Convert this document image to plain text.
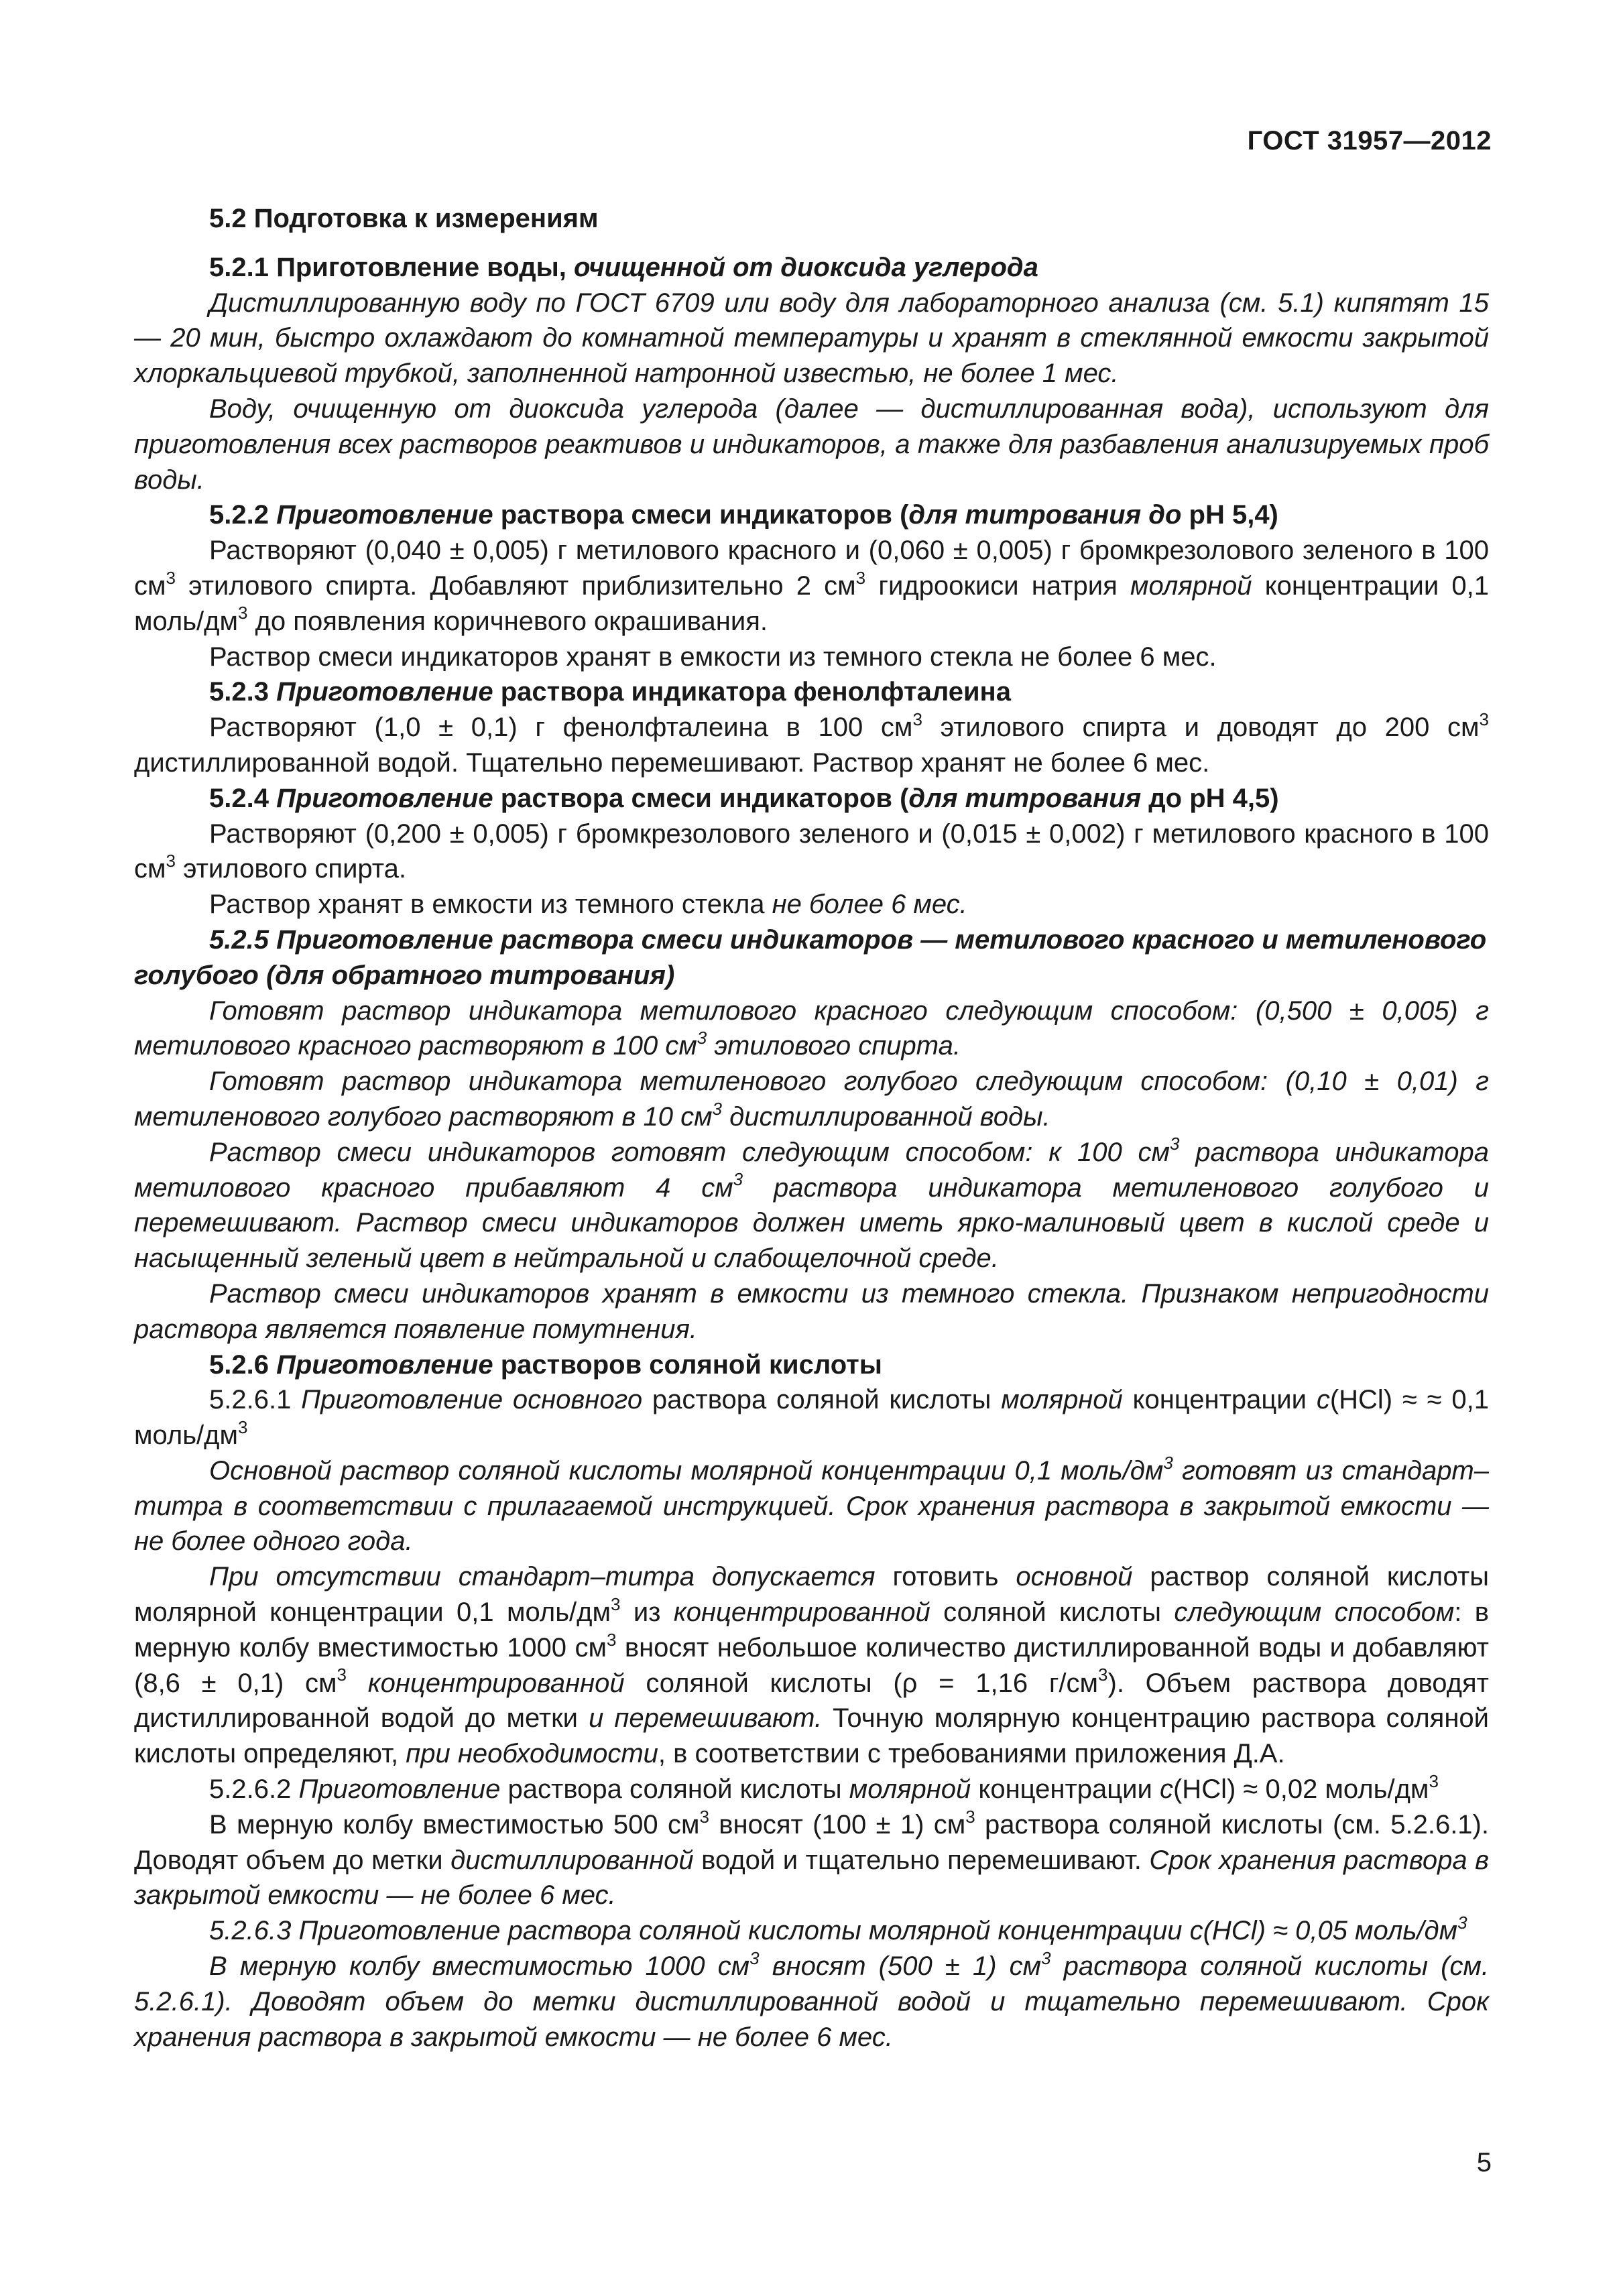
ГОСТ 31957—2012

5.2 Подготовка к измерениям

5.2.1 Приготовление воды, очищенной от диоксида углерода

Дистиллированную воду по ГОСТ 6709 или воду для лабораторного анализа (см. 5.1) кипятят 15 — 20 мин, быстро охлаждают до комнатной температуры и хранят в стеклянной емкости закрытой хлоркальциевой трубкой, заполненной натронной известью, не более 1 мес.

Воду, очищенную от диоксида углерода (далее — дистиллированная вода), используют для приготовления всех растворов реактивов и индикаторов, а также для разбавления анализируемых проб воды.

5.2.2 Приготовление раствора смеси индикаторов (для титрования до pH 5,4)

Растворяют (0,040 ± 0,005) г метилового красного и (0,060 ± 0,005) г бромкрезолового зеленого в 100 $см^3$ этилового спирта. Добавляют приблизительно 2 $см^3$ гидроокиси натрия молярной концентрации 0,1 моль/$дм^3$ до появления коричневого окрашивания.

Раствор смеси индикаторов хранят в емкости из темного стекла не более 6 мес.

5.2.3 Приготовление раствора индикатора фенолфталеина

Растворяют (1,0 ± 0,1) г фенолфталеина в 100 $см^3$ этилового спирта и доводят до 200 $см^3$ дистиллированной водой. Тщательно перемешивают. Раствор хранят не более 6 мес.

5.2.4 Приготовление раствора смеси индикаторов (для титрования до pH 4,5)

Растворяют (0,200 ± 0,005) г бромкрезолового зеленого и (0,015 ± 0,002) г метилового красного в 100 $см^3$ этилового спирта.

Раствор хранят в емкости из темного стекла не более 6 мес.

5.2.5 Приготовление раствора смеси индикаторов — метилового красного и метиленового голубого (для обратного титрования)

Готовят раствор индикатора метилового красного следующим способом: (0,500 ± 0,005) г метилового красного растворяют в 100 $см^3$ этилового спирта.

Готовят раствор индикатора метиленового голубого следующим способом: (0,10 ± 0,01) г метиленового голубого растворяют в 10 $см^3$ дистиллированной воды.

Раствор смеси индикаторов готовят следующим способом: к 100 $см^3$ раствора индикатора метилового красного прибавляют 4 $см^3$ раствора индикатора метиленового голубого и перемешивают. Раствор смеси индикаторов должен иметь ярко-малиновый цвет в кислой среде и насыщенный зеленый цвет в нейтральной и слабощелочной среде.

Раствор смеси индикаторов хранят в емкости из темного стекла. Признаком непригодности раствора является появление помутнения.

5.2.6 Приготовление растворов соляной кислоты

5.2.6.1 Приготовление основного раствора соляной кислоты молярной концентрации c(HCl) ≈ ≈ 0,1 моль/$дм^3$

Основной раствор соляной кислоты молярной концентрации 0,1 моль/$дм^3$ готовят из стандарт–титра в соответствии с прилагаемой инструкцией. Срок хранения раствора в закрытой емкости — не более одного года.

При отсутствии стандарт–титра допускается готовить основной раствор соляной кислоты молярной концентрации 0,1 моль/$дм^3$ из концентрированной соляной кислоты следующим способом: в мерную колбу вместимостью 1000 $см^3$ вносят небольшое количество дистиллированной воды и добавляют (8,6 ± 0,1) $см^3$ концентрированной соляной кислоты (ρ = 1,16 $г/см^3$). Объем раствора доводят дистиллированной водой до метки и перемешивают. Точную молярную концентрацию раствора соляной кислоты определяют, при необходимости, в соответствии с требованиями приложения Д.А.

5.2.6.2 Приготовление раствора соляной кислоты молярной концентрации c(HCl) ≈ 0,02 моль/$дм^3$

В мерную колбу вместимостью 500 $см^3$ вносят (100 ± 1) $см^3$ раствора соляной кислоты (см. 5.2.6.1). Доводят объем до метки дистиллированной водой и тщательно перемешивают. Срок хранения раствора в закрытой емкости — не более 6 мес.

5.2.6.3 Приготовление раствора соляной кислоты молярной концентрации c(HCl) ≈ 0,05 моль/$дм^3$

В мерную колбу вместимостью 1000 $см^3$ вносят (500 ± 1) $см^3$ раствора соляной кислоты (см. 5.2.6.1). Доводят объем до метки дистиллированной водой и тщательно перемешивают. Срок хранения раствора в закрытой емкости — не более 6 мес.

5
